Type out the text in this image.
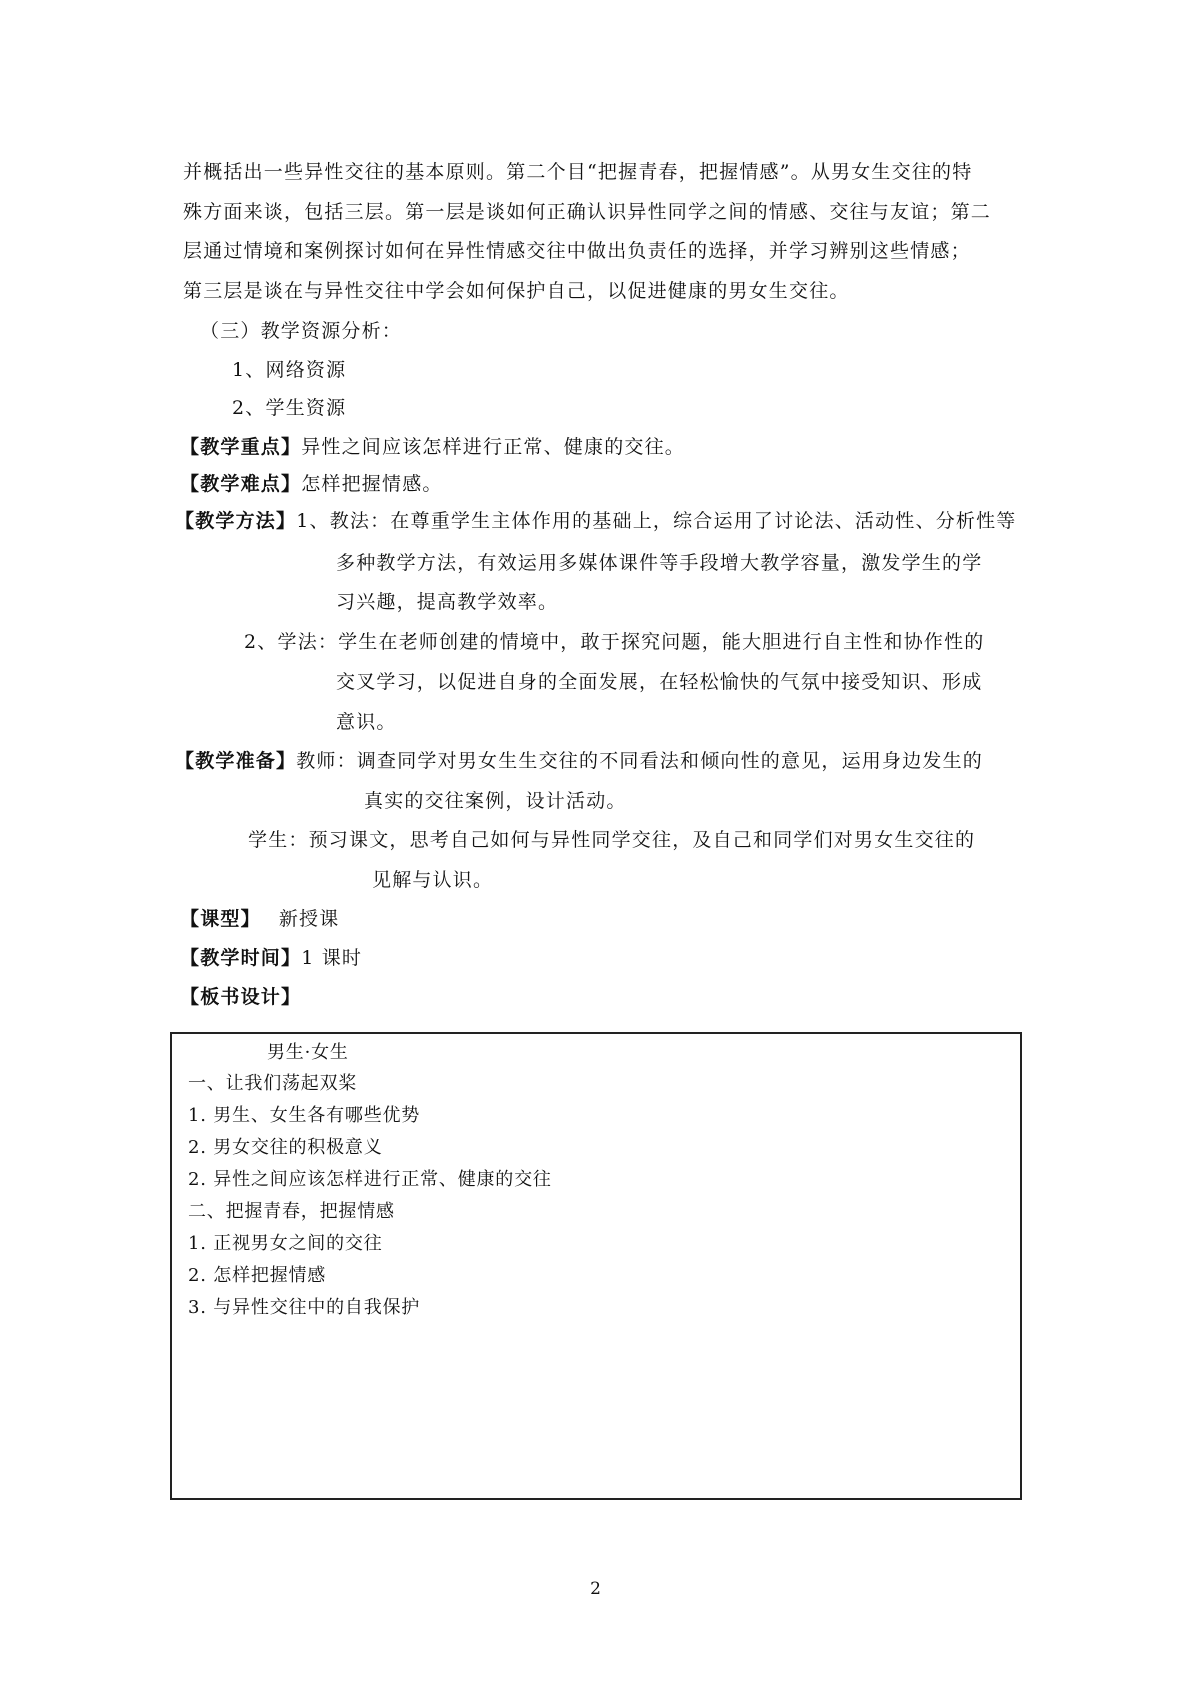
并概括出一些异性交往的基本原则。第二个目“把握青春，把握情感”。从男女生交往的特
殊方面来谈，包括三层。第一层是谈如何正确认识异性同学之间的情感、交往与友谊；第二
层通过情境和案例探讨如何在异性情感交往中做出负责任的选择，并学习辨别这些情感；
第三层是谈在与异性交往中学会如何保护自己，以促进健康的男女生交往。
（三）教学资源分析：
1、网络资源
2、学生资源
【教学重点】异性之间应该怎样进行正常、健康的交往。
【教学难点】怎样把握情感。
【教学方法】1、教法：在尊重学生主体作用的基础上，综合运用了讨论法、活动性、分析性等
多种教学方法，有效运用多媒体课件等手段增大教学容量，激发学生的学
习兴趣，提高教学效率。
2、学法：学生在老师创建的情境中，敢于探究问题，能大胆进行自主性和协作性的
交叉学习，以促进自身的全面发展，在轻松愉快的气氛中接受知识、形成
意识。
【教学准备】教师：调查同学对男女生生交往的不同看法和倾向性的意见，运用身边发生的
真实的交往案例，设计活动。
学生：预习课文，思考自己如何与异性同学交往，及自己和同学们对男女生交往的
见解与认识。
【课型】 新授课
【教学时间】1 课时
【板书设计】
男生·女生
一、让我们荡起双桨
1. 男生、女生各有哪些优势
2. 男女交往的积极意义
2. 异性之间应该怎样进行正常、健康的交往
二、把握青春，把握情感
1. 正视男女之间的交往
2. 怎样把握情感
3. 与异性交往中的自我保护
2
